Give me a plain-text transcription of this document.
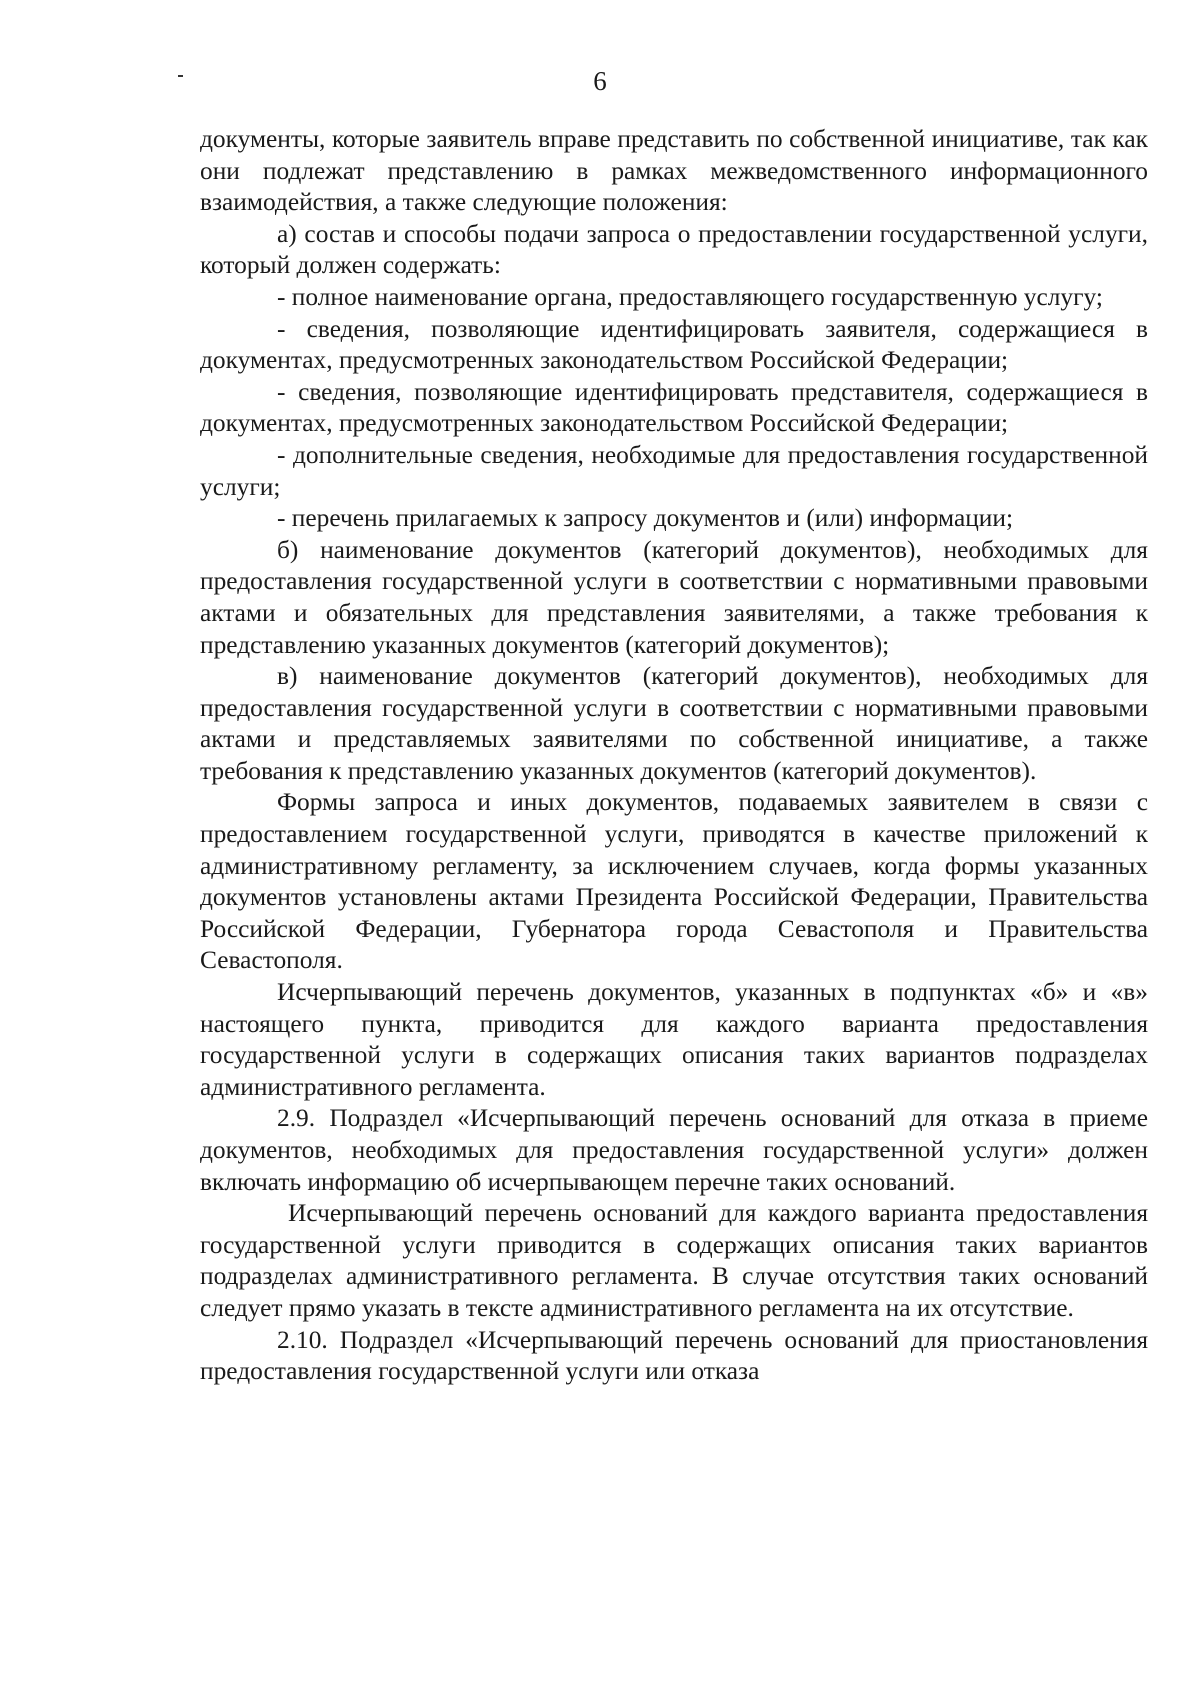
6

документы, которые заявитель вправе представить по собственной инициативе, так как они подлежат представлению в рамках межведомственного информационного взаимодействия, а также следующие положения:

а) состав и способы подачи запроса о предоставлении государственной услуги, который должен содержать:

- полное наименование органа, предоставляющего государственную услугу;

- сведения, позволяющие идентифицировать заявителя, содержащиеся в документах, предусмотренных законодательством Российской Федерации;

- сведения, позволяющие идентифицировать представителя, содержащиеся в документах, предусмотренных законодательством Российской Федерации;

- дополнительные сведения, необходимые для предоставления государственной услуги;

- перечень прилагаемых к запросу документов и (или) информации;

б) наименование документов (категорий документов), необходимых для предоставления государственной услуги в соответствии с нормативными правовыми актами и обязательных для представления заявителями, а также требования к представлению указанных документов (категорий документов);

в) наименование документов (категорий документов), необходимых для предоставления государственной услуги в соответствии с нормативными правовыми актами и представляемых заявителями по собственной инициативе, а также требования к представлению указанных документов (категорий документов).

Формы запроса и иных документов, подаваемых заявителем в связи с предоставлением государственной услуги, приводятся в качестве приложений к административному регламенту, за исключением случаев, когда формы указанных документов установлены актами Президента Российской Федерации, Правительства Российской Федерации, Губернатора города Севастополя и Правительства Севастополя.

Исчерпывающий перечень документов, указанных в подпунктах «б» и «в» настоящего пункта, приводится для каждого варианта предоставления государственной услуги в содержащих описания таких вариантов подразделах административного регламента.

2.9. Подраздел «Исчерпывающий перечень оснований для отказа в приеме документов, необходимых для предоставления государственной услуги» должен включать информацию об исчерпывающем перечне таких оснований.

Исчерпывающий перечень оснований для каждого варианта предоставления государственной услуги приводится в содержащих описания таких вариантов подразделах административного регламента. В случае отсутствия таких оснований следует прямо указать в тексте административного регламента на их отсутствие.

2.10. Подраздел «Исчерпывающий перечень оснований для приостановления предоставления государственной услуги или отказа
